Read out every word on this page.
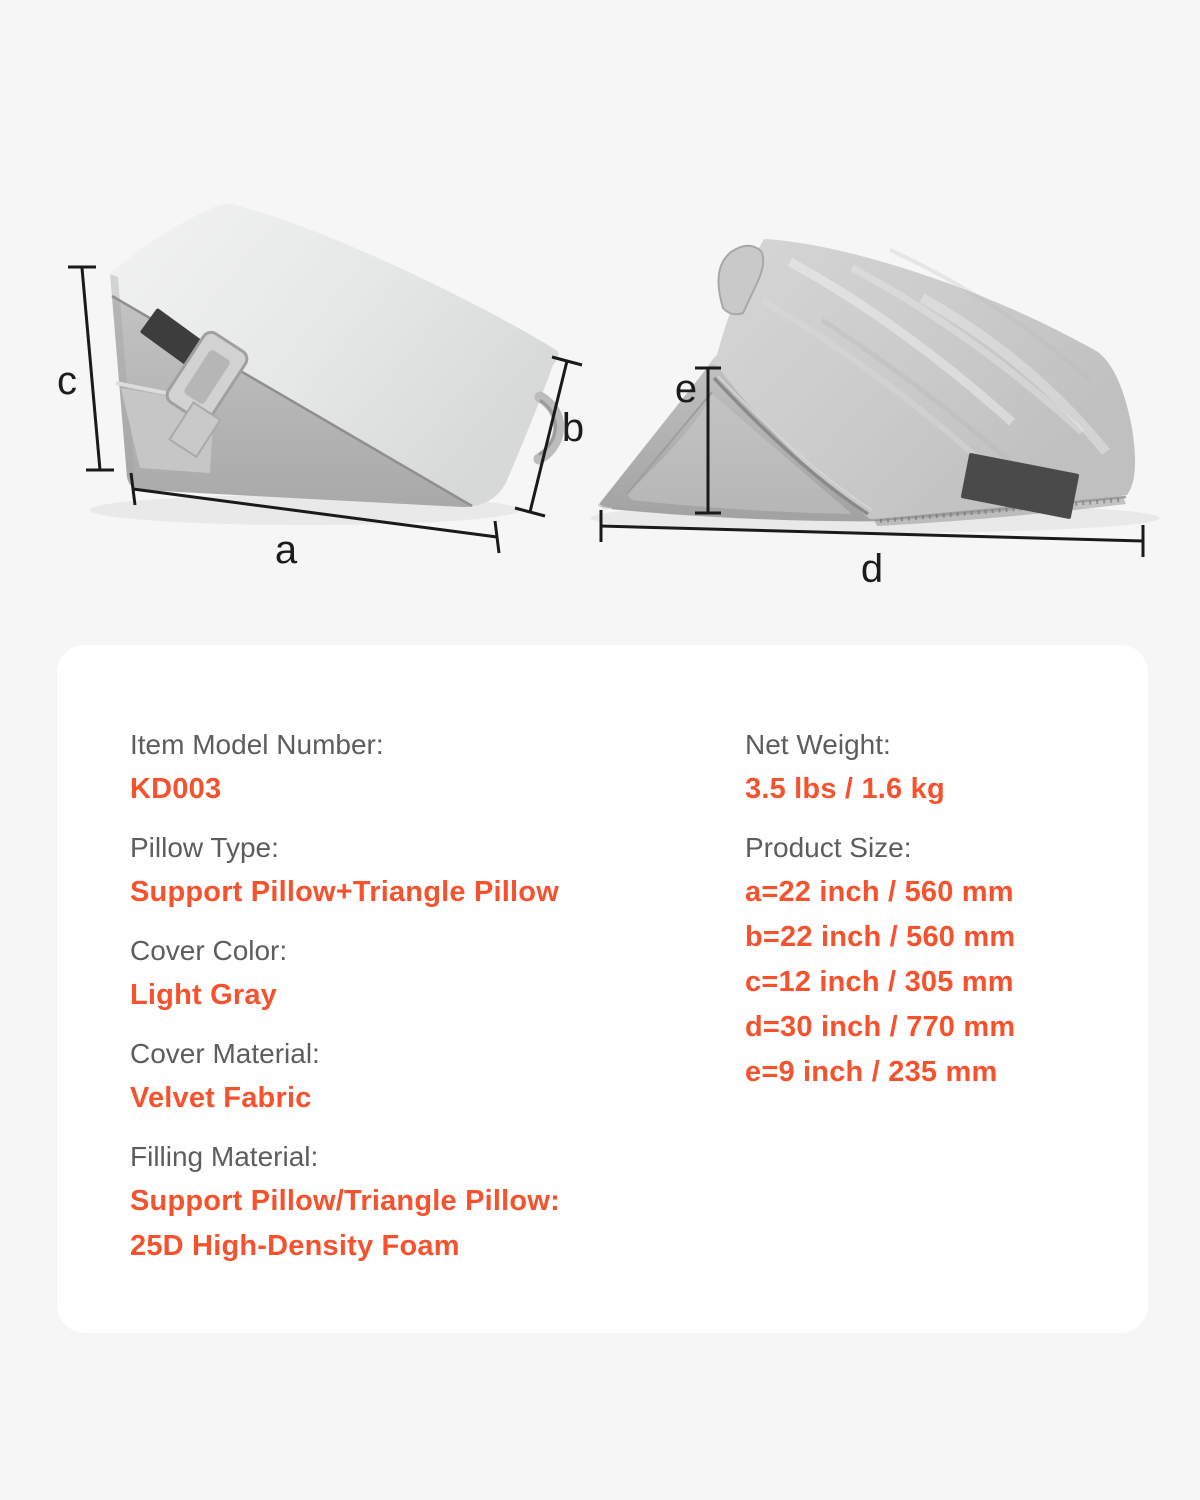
c
a
b
e
d
Item Model Number:
KD003
Pillow Type:
Support Pillow+Triangle Pillow
Cover Color:
Light Gray
Cover Material:
Velvet Fabric
Filling Material:
Support Pillow/Triangle Pillow:
25D High-Density Foam
Net Weight:
3.5 lbs / 1.6 kg
Product Size:
a=22 inch / 560 mm
b=22 inch / 560 mm
c=12 inch / 305 mm
d=30 inch / 770 mm
e=9 inch / 235 mm
